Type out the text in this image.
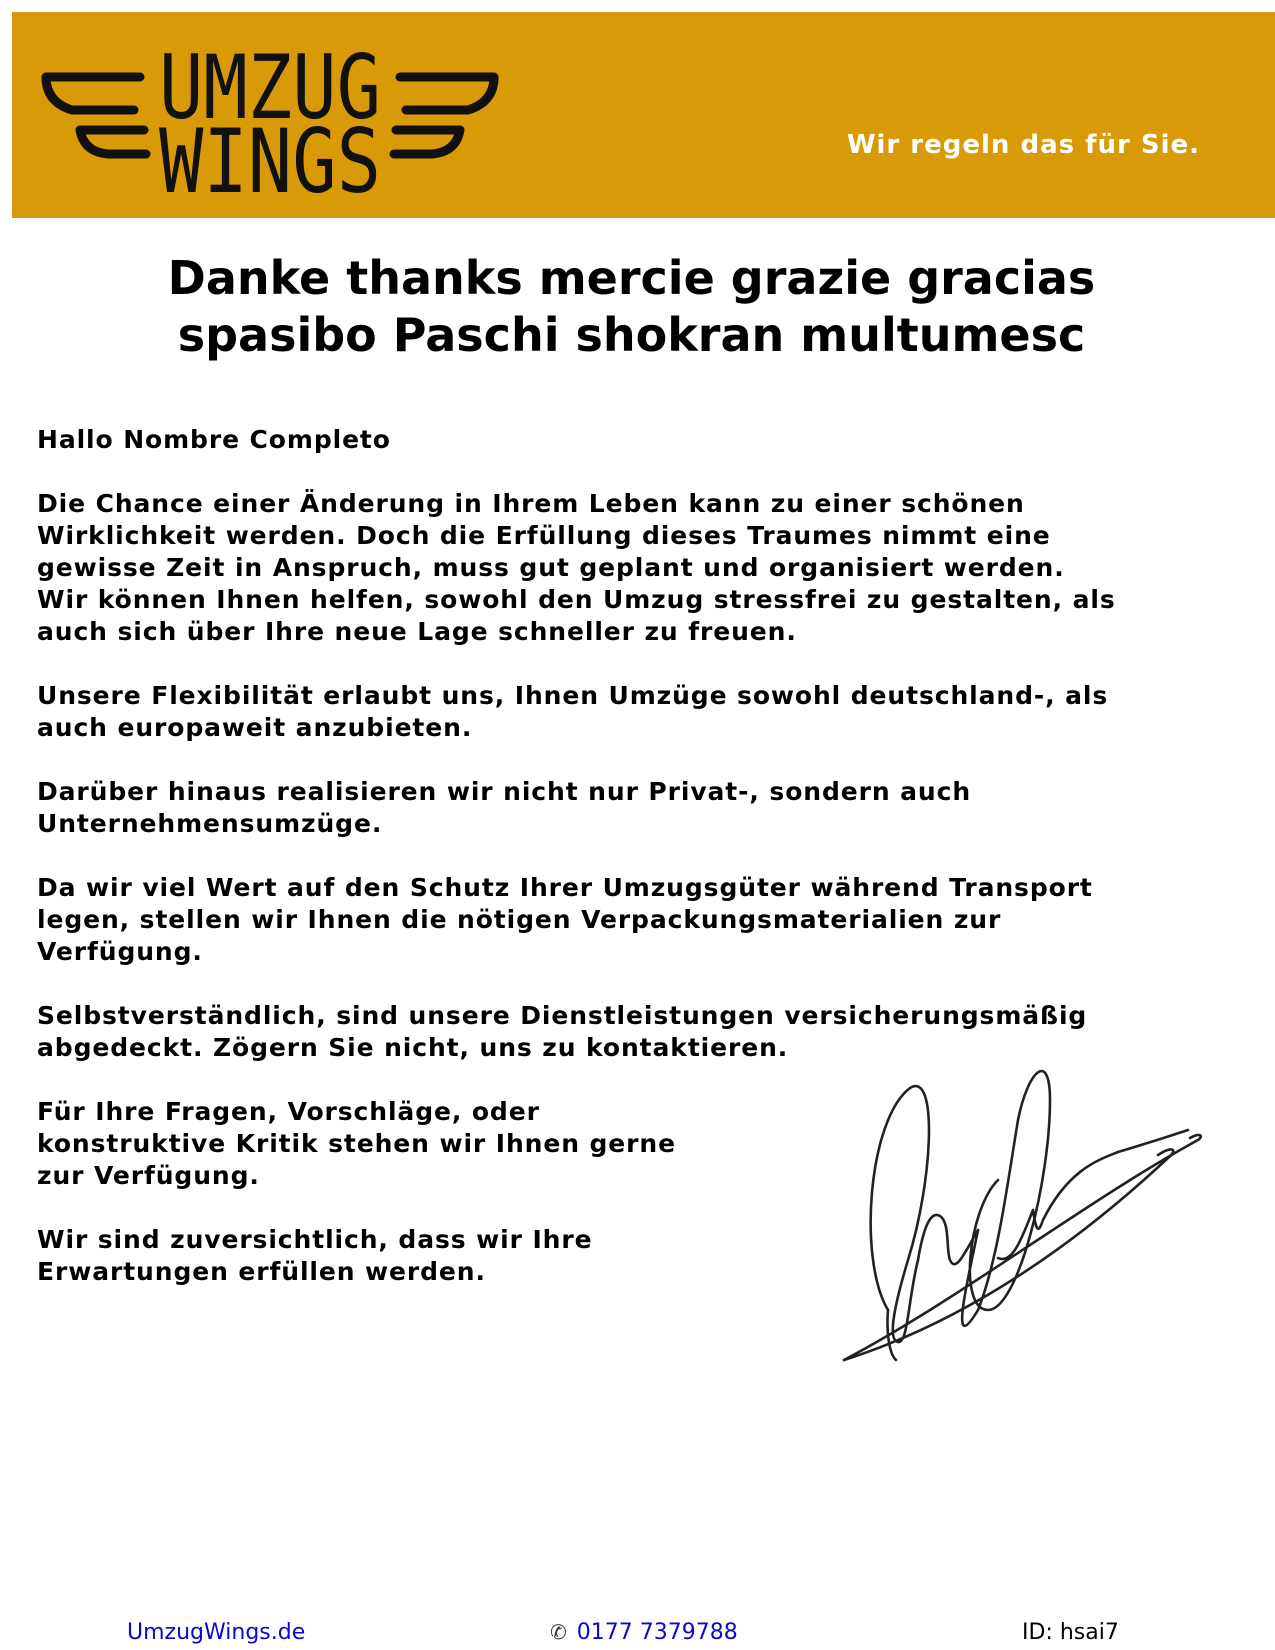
UMZUG
WINGS	Wir regeln das für Sie.
Danke thanks mercie grazie gracias
spasibo Paschi shokran multumesc

Hallo Nombre Completo

Die Chance einer Änderung in Ihrem Leben kann zu einer schönen
Wirklichkeit werden. Doch die Erfüllung dieses Traumes nimmt eine
gewisse Zeit in Anspruch, muss gut geplant und organisiert werden.
Wir können Ihnen helfen, sowohl den Umzug stressfrei zu gestalten, als
auch sich über Ihre neue Lage schneller zu freuen.

Unsere Flexibilität erlaubt uns, Ihnen Umzüge sowohl deutschland-, als
auch europaweit anzubieten.

Darüber hinaus realisieren wir nicht nur Privat-, sondern auch
Unternehmensumzüge.

Da wir viel Wert auf den Schutz Ihrer Umzugsgüter während Transport
legen, stellen wir Ihnen die nötigen Verpackungsmaterialien zur
Verfügung.

Selbstverständlich, sind unsere Dienstleistungen versicherungsmäßig
abgedeckt. Zögern Sie nicht, uns zu kontaktieren.

Für Ihre Fragen, Vorschläge, oder
konstruktive Kritik stehen wir Ihnen gerne
zur Verfügung.

Wir sind zuversichtlich, dass wir Ihre
Erwartungen erfüllen werden.

UmzugWings.de	✆ 0177 7379788	ID: hsai7
